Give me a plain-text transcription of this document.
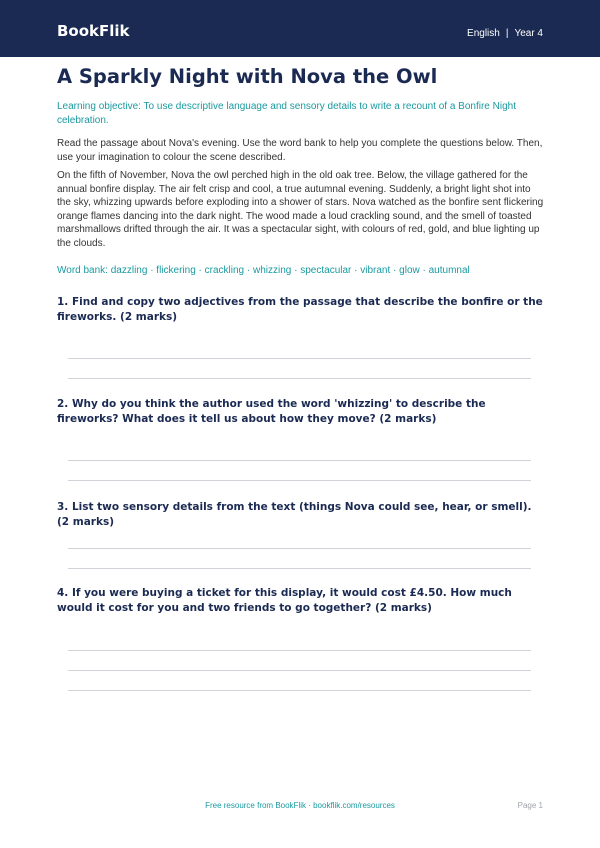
BookFlik	English | Year 4
A Sparkly Night with Nova the Owl

Learning objective: To use descriptive language and sensory details to write a recount of a Bonfire Night celebration.

Read the passage about Nova's evening. Use the word bank to help you complete the questions below. Then, use your imagination to colour the scene described.

On the fifth of November, Nova the owl perched high in the old oak tree. Below, the village gathered for the annual bonfire display. The air felt crisp and cool, a true autumnal evening. Suddenly, a bright light shot into the sky, whizzing upwards before exploding into a shower of stars. Nova watched as the bonfire sent flickering orange flames dancing into the dark night. The wood made a loud crackling sound, and the smell of toasted marshmallows drifted through the air. It was a spectacular sight, with colours of red, gold, and blue lighting up the clouds.

Word bank: dazzling · flickering · crackling · whizzing · spectacular · vibrant · glow · autumnal

1. Find and copy two adjectives from the passage that describe the bonfire or the fireworks. (2 marks)
2. Why do you think the author used the word 'whizzing' to describe the fireworks? What does it tell us about how they move? (2 marks)
3. List two sensory details from the text (things Nova could see, hear, or smell). (2 marks)
4. If you were buying a ticket for this display, it would cost £4.50. How much would it cost for you and two friends to go together? (2 marks)
Free resource from BookFlik · bookflik.com/resources	Page 1
